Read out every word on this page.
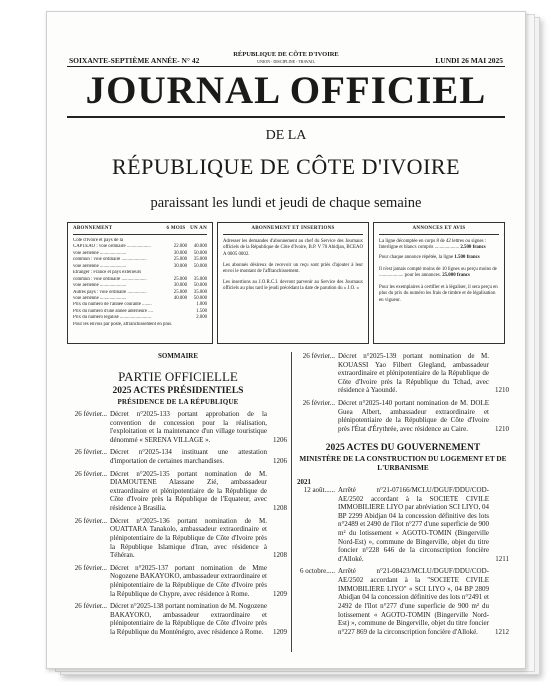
SOIXANTE-SEPTIÈME ANNÉE- N° 42
RÉPUBLIQUE DE CÔTE D'IVOIRE
UNION - DISCIPLINE - TRAVAIL	LUNDI 26 MAI 2025
JOURNAL OFFICIEL
DE LA
RÉPUBLIQUE DE CÔTE D'IVOIRE
paraissant les lundi et jeudi de chaque semaine
ABONNEMENT	6 MOIS UN AN
Côte d'Ivoire et pays de la
CAPTEAO : voie ordinaire ....................	22.000	40.000
voie aérienne ......................	30.000	50.000
commun : voie ordinaire .....................	25.000	35.000
voie aérienne ......................	30.000	50.000
Etranger : France et pays extérieurs
commun : voie ordinaire .....................	25.000	35.000
voie aérienne ......................	30.000	50.000
Autres pays : voie ordinaire ................	25.000	35.000
voie aérienne ......................	40.000	50.000
Prix du numéro de l'année courante ........	1.000
Prix du numéro d'une année antérieure ....	1.500
Prix du numéro légalisé ..........................	2.000
Pour les envois par poste, affranchissement en plus.
ABONNEMENT ET INSERTIONS

Adresser les demandes d'abonnement au chef du Service des Journaux officiels de la République de Côte d'Ivoire, B.P. V 70 Abidjan, BCEAO A 0005 0002.

Les abonnés désireux de recevoir un reçu sont priés d'ajouter à leur envoi le montant de l'affranchissement.

Les insertions au J.O.R.C.I. devront parvenir au Service des Journaux officiels au plus tard le jeudi précédant la date de parution du « J.O. »

ANNONCES ET AVIS
La ligne décomptée en corps 8 de 42 lettres ou signes : Interligne et blancs compris .................... 2.500 francs
Pour chaque annonce répétée, la ligne 1.500 francs
Il n'est jamais compté moins de 10 lignes ou perçu moins de .................... pour les annonces. 25.000 francs
Pour les exemplaires à certifier et à légaliser, il sera perçu en plus du prix du numéro les frais de timbre et de légalisation en vigueur.
SOMMAIRE
PARTIE OFFICIELLE
2025 ACTES PRÉSIDENTIELS
PRÉSIDENCE DE LA RÉPUBLIQUE
26 février... Décret n°2025-133 portant approbation de la convention de concession pour la réalisation, l'exploitation et la maintenance d'un village touristique dénommé « SERENA VILLAGE ».	1206
26 février... Décret n°2025-134 instituant une attestation d'importation de certaines marchandises.	1206
26 février... Décret n°2025-135 portant nomination de M. DIAMOUTENE Alassane Zié, ambassadeur extraordinaire et plénipotentiaire de la République de Côte d'Ivoire près la République de l'Equateur, avec résidence à Brasilia.	1208
26 février... Décret n°2025-136 portant nomination de M. OUATTARA Tanakolo, ambassadeur extraordinaire et plénipotentiaire de la République de Côte d'Ivoire près la République Islamique d'Iran, avec résidence à Téhéran.	1208
26 février... Décret n°2025-137 portant nomination de Mme Nogozene BAKAYOKO, ambassadeur extraordinaire et plénipotentiaire de la République de Côte d'Ivoire près la République de Chypre, avec résidence à Rome.	1209
26 février... Décret n°2025-138 portant nomination de M. Nogozene BAKAYOKO, ambassadeur extraordinaire et plénipotentiaire de la République de Côte d'Ivoire près la République du Monténégro, avec résidence à Rome.	1209
26 février... Décret n°2025-139 portant nomination de M. KOUASSI Yao Filbert Glegland, ambassadeur extraordinaire et plénipotentiaire de la République de Côte d'Ivoire près la République du Tchad, avec résidence à Yaoundé.	1210
26 février... Décret n°2025-140 portant nomination de M. DOLE Guea Albert, ambassadeur extraordinaire et plénipotentiaire de la République de Côte d'Ivoire près l'État d'Érythrée, avec résidence au Caire.	1210
2025 ACTES DU GOUVERNEMENT
MINISTÈRE DE LA CONSTRUCTION DU LOGEMENT ET DE L'URBANISME
2021
12 août...... Arrêté n°21-07166/MCLU/DGUF/DDU/COD-AE/2502 accordant à la SOCIETE CIVILE IMMOBILIERE LIYO par abréviation SCI LIYO, 04 BP 2299 Abidjan 04 la concession définitive des lots n°2489 et 2490 de l'îlot n°277 d'une superficie de 900 m² du lotissement « AGOTO-TOMIN (Bingerville Nord-Est) », commune de Bingerville, objet du titre foncier n°228 646 de la circonscription foncière d'Alloké.	1211
6 octobre..... Arrêté n°21-08423/MCLU/DGUF/DDU/COD-AE/2502 accordant à la "SOCIETE CIVILE IMMOBILIERE LIYO" « SCI LIYO », 04 BP 2809 Abidjan 04 la concession définitive des lots n°2491 et 2492 de l'îlot n°277 d'une superficie de 900 m² du lotissement « AGOTO-TOMIN (Bingerville Nord-Est) », commune de Bingerville, objet du titre foncier n°227 869 de la circonscription foncière d'Alloké.	1212
